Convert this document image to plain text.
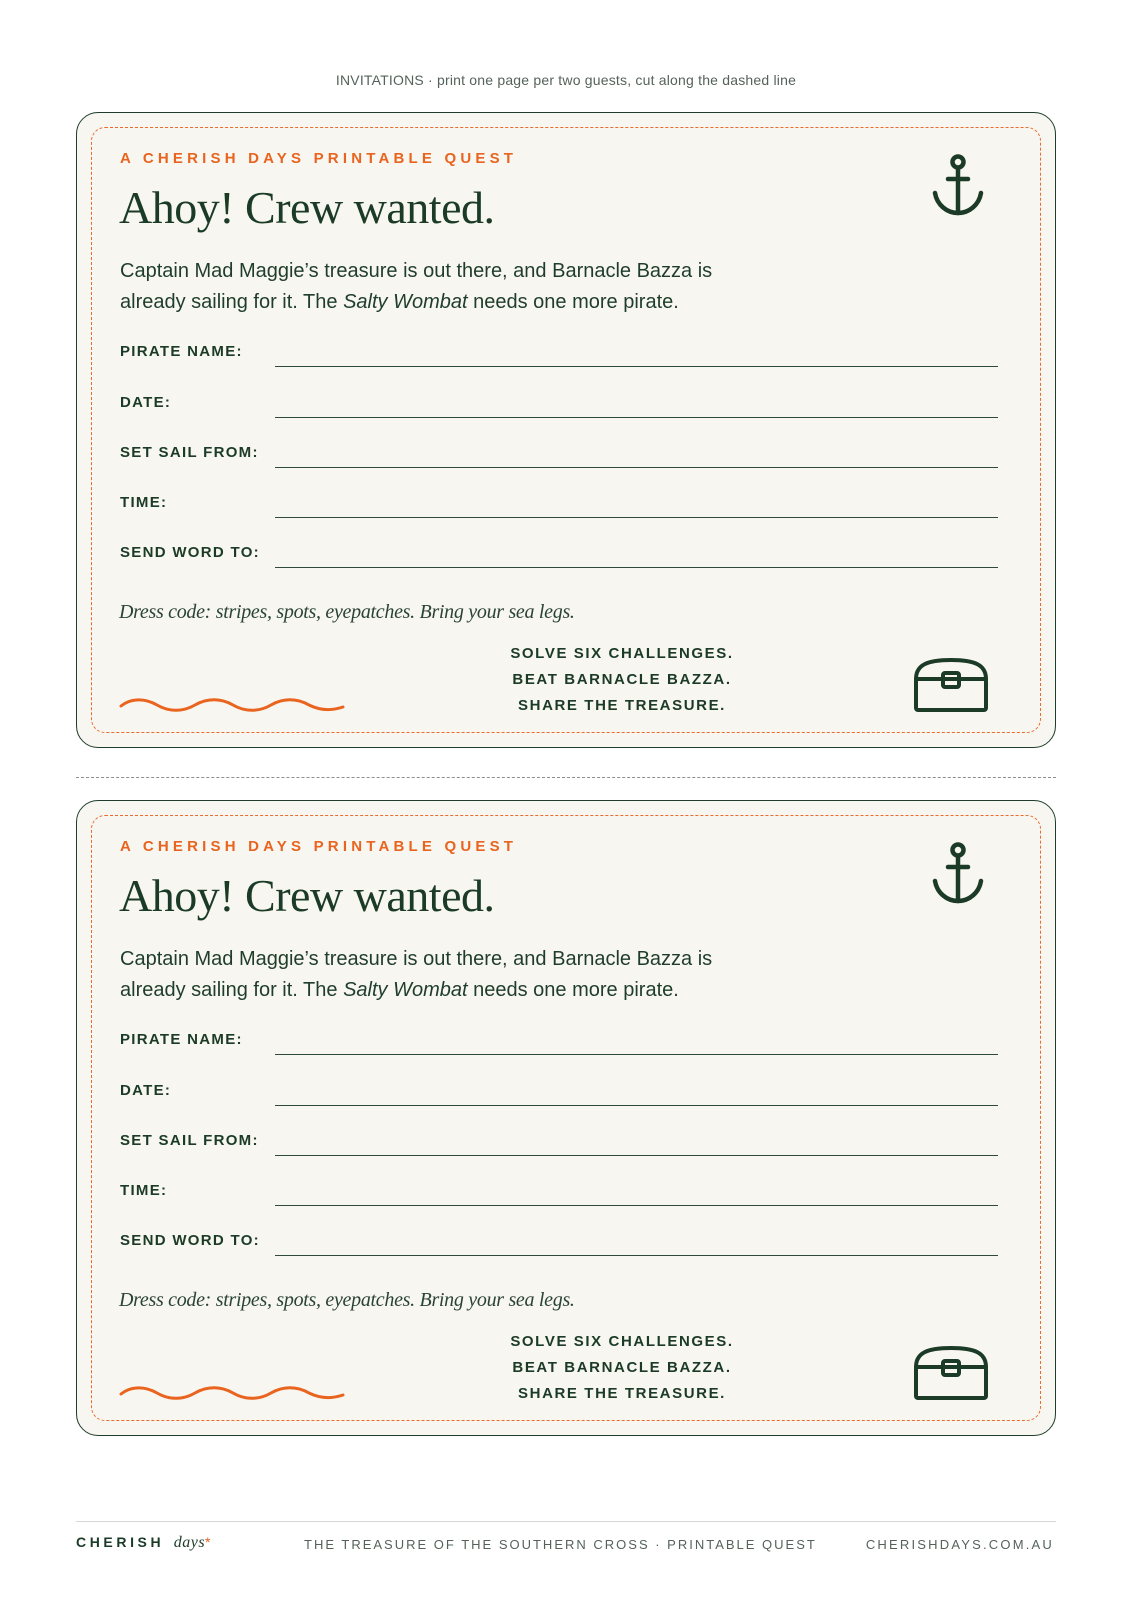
INVITATIONS · print one page per two guests, cut along the dashed line
A CHERISH DAYS PRINTABLE QUEST
Ahoy! Crew wanted.
Captain Mad Maggie’s treasure is out there, and Barnacle Bazza is already sailing for it. The Salty Wombat needs one more pirate.
PIRATE NAME:
DATE:
SET SAIL FROM:
TIME:
SEND WORD TO:
Dress code: stripes, spots, eyepatches. Bring your sea legs.
SOLVE SIX CHALLENGES.
BEAT BARNACLE BAZZA.
SHARE THE TREASURE.
A CHERISH DAYS PRINTABLE QUEST
Ahoy! Crew wanted.
Captain Mad Maggie’s treasure is out there, and Barnacle Bazza is already sailing for it. The Salty Wombat needs one more pirate.
PIRATE NAME:
DATE:
SET SAIL FROM:
TIME:
SEND WORD TO:
Dress code: stripes, spots, eyepatches. Bring your sea legs.
SOLVE SIX CHALLENGES.
BEAT BARNACLE BAZZA.
SHARE THE TREASURE.
CHERISH days*	THE TREASURE OF THE SOUTHERN CROSS · PRINTABLE QUEST	CHERISHDAYS.COM.AU
